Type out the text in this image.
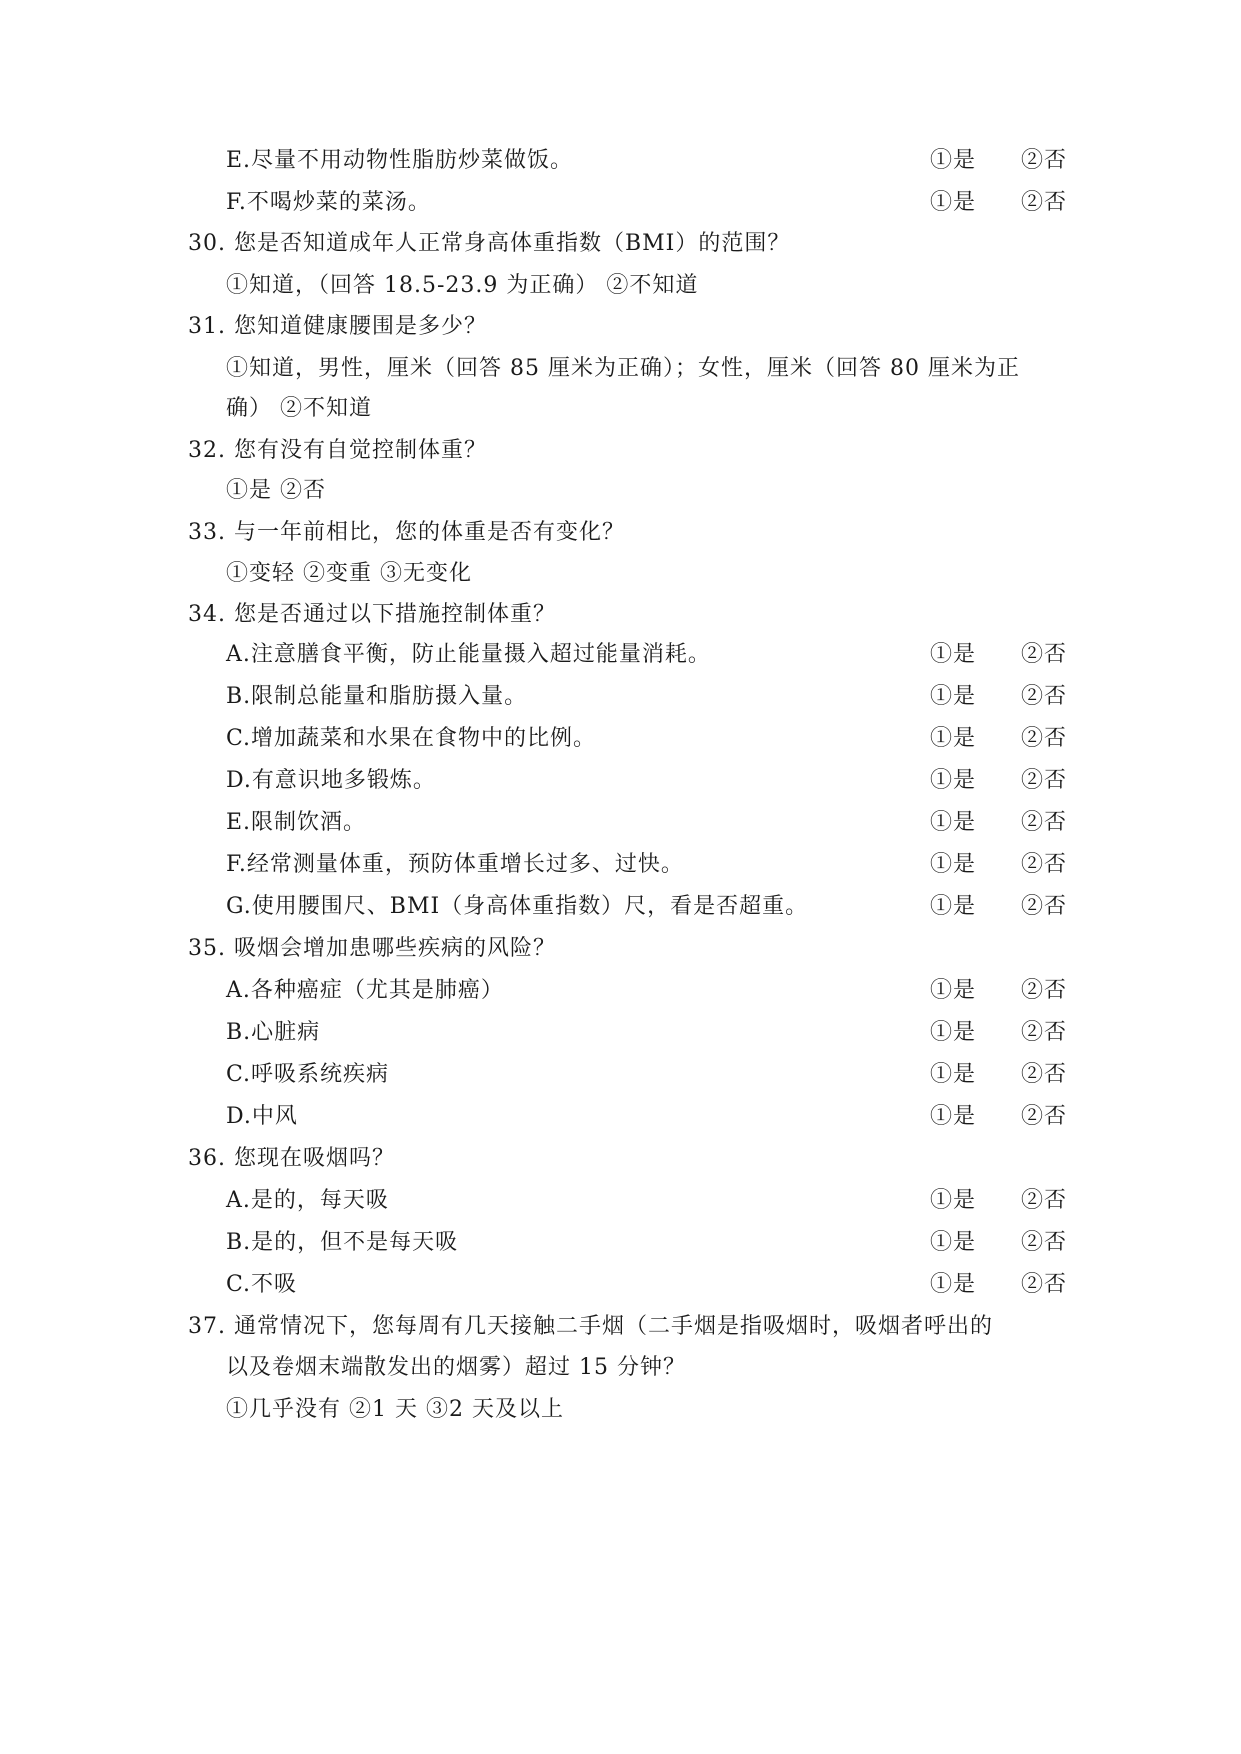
E.尽量不用动物性脂肪炒菜做饭。	①是 ②否
F.不喝炒菜的菜汤。	①是 ②否
30. 您是否知道成年人正常身高体重指数（BMI）的范围？
①知道，（回答 18.5-23.9 为正确） ②不知道
31. 您知道健康腰围是多少？
①知道，男性，厘米（回答 85 厘米为正确）；女性，厘米（回答 80 厘米为正
确） ②不知道
32. 您有没有自觉控制体重？
①是 ②否
33. 与一年前相比，您的体重是否有变化？
①变轻 ②变重 ③无变化
34. 您是否通过以下措施控制体重？
A.注意膳食平衡，防止能量摄入超过能量消耗。	①是 ②否
B.限制总能量和脂肪摄入量。	①是 ②否
C.增加蔬菜和水果在食物中的比例。	①是 ②否
D.有意识地多锻炼。	①是 ②否
E.限制饮酒。	①是 ②否
F.经常测量体重，预防体重增长过多、过快。	①是 ②否
G.使用腰围尺、BMI（身高体重指数）尺，看是否超重。	①是 ②否
35. 吸烟会增加患哪些疾病的风险？
A.各种癌症（尤其是肺癌）	①是 ②否
B.心脏病	①是 ②否
C.呼吸系统疾病	①是 ②否
D.中风	①是 ②否
36. 您现在吸烟吗？
A.是的，每天吸	①是 ②否
B.是的，但不是每天吸	①是 ②否
C.不吸	①是 ②否
37. 通常情况下，您每周有几天接触二手烟（二手烟是指吸烟时，吸烟者呼出的
以及卷烟末端散发出的烟雾）超过 15 分钟？
①几乎没有 ②1 天 ③2 天及以上
